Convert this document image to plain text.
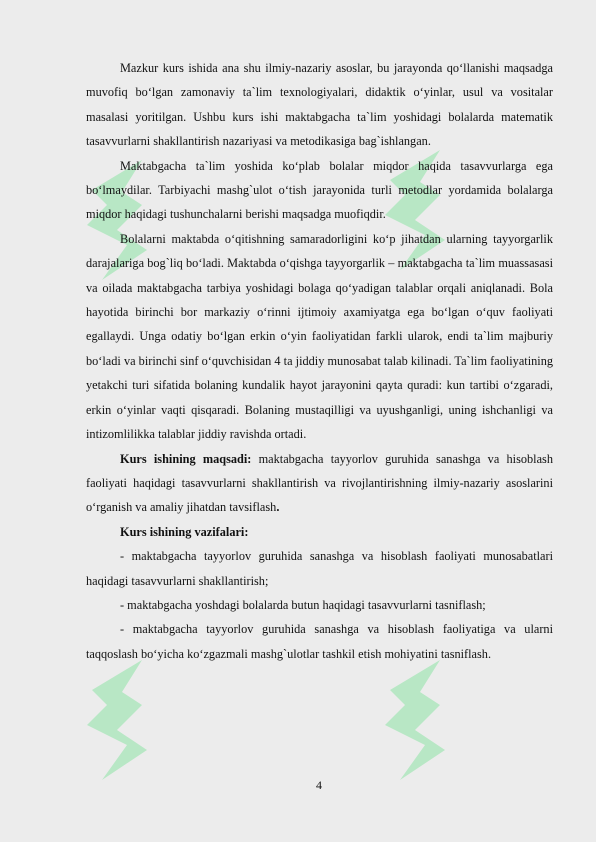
Mazkur kurs ishida ana shu ilmiy-nazariy asoslar, bu jarayonda qo‘llanishi maqsadga muvofiq bo‘lgan zamonaviy ta`lim texnologiyalari, didaktik o‘yinlar, usul va vositalar masalasi yoritilgan. Ushbu kurs ishi maktabgacha ta`lim yoshidagi bolalarda matematik tasavvurlarni shakllantirish nazariyasi va metodikasiga bag`ishlangan.

Maktabgacha ta`lim yoshida ko‘plab bolalar miqdor haqida tasavvurlarga ega bo‘lmaydilar. Tarbiyachi mashg`ulot o‘tish jarayonida turli metodlar yordamida bolalarga miqdor haqidagi tushunchalarni berishi maqsadga muofiqdir.

Bolalarni maktabda o‘qitishning samaradorligini ko‘p jihatdan ularning tayyorgarlik darajalariga bog`liq bo‘ladi. Maktabda o‘qishga tayyorgarlik – maktabgacha ta`lim muassasasi va oilada maktabgacha tarbiya yoshidagi bolaga qo‘yadigan talablar orqali aniqlanadi. Bola hayotida birinchi bor markaziy o‘rinni ijtimoiy axamiyatga ega bo‘lgan o‘quv faoliyati egallaydi. Unga odatiy bo‘lgan erkin o‘yin faoliyatidan farkli ularok, endi ta`lim majburiy bo‘ladi va birinchi sinf o‘quvchisidan 4 ta jiddiy munosabat talab kilinadi. Ta`lim faoliyatining yetakchi turi sifatida bolaning kundalik hayot jarayonini qayta quradi: kun tartibi o‘zgaradi, erkin o‘yinlar vaqti qisqaradi. Bolaning mustaqilligi va uyushganligi, uning ishchanligi va intizomlilikka talablar jiddiy ravishda ortadi.

Kurs ishining maqsadi: maktabgacha tayyorlov guruhida sanashga va hisoblash faoliyati haqidagi tasavvurlarni shakllantirish va rivojlantirishning ilmiy-nazariy asoslarini o‘rganish va amaliy jihatdan tavsiflash.

Kurs ishining vazifalari:

- maktabgacha tayyorlov guruhida sanashga va hisoblash faoliyati munosabatlari haqidagi tasavvurlarni shakllantirish;

- maktabgacha yoshdagi bolalarda butun haqidagi tasavvurlarni tasniflash;

- maktabgacha tayyorlov guruhida sanashga va hisoblash faoliyatiga va ularni taqqoslash bo‘yicha ko‘zgazmali mashg`ulotlar tashkil etish mohiyatini tasniflash.

4
